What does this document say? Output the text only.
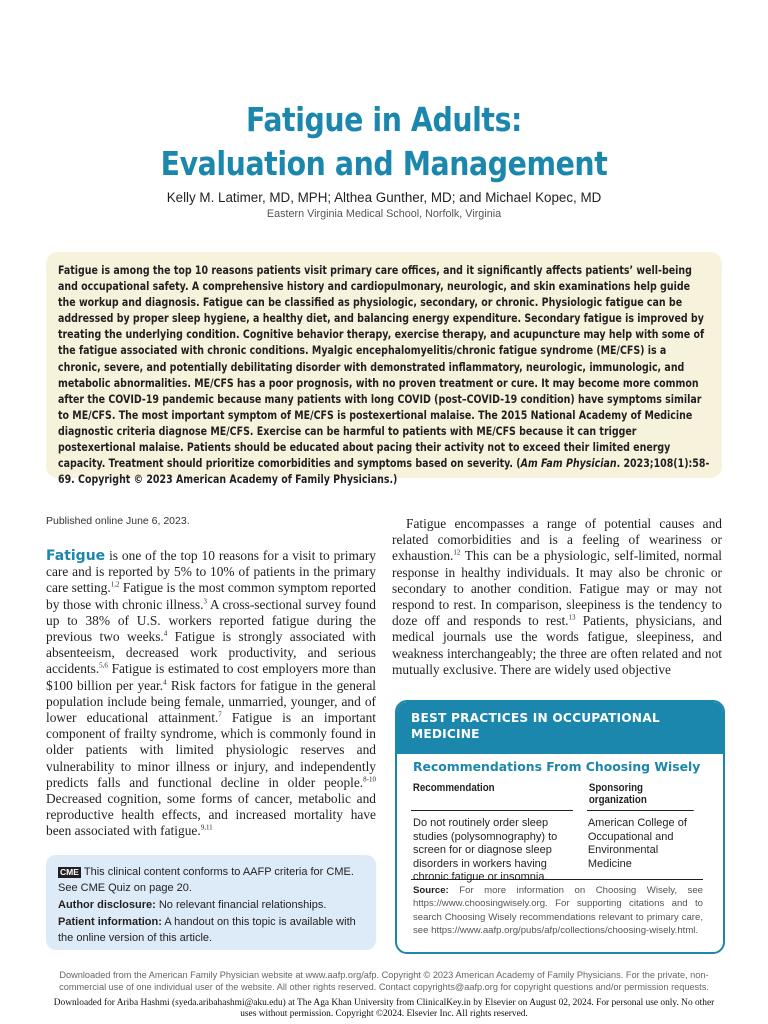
Fatigue in Adults:
Evaluation and Management
Kelly M. Latimer, MD, MPH; Althea Gunther, MD; and Michael Kopec, MD
Eastern Virginia Medical School, Norfolk, Virginia
Fatigue is among the top 10 reasons patients visit primary care offices, and it significantly affects patients’ well-being and occupational safety. A comprehensive history and cardiopulmonary, neurologic, and skin examinations help guide the workup and diagnosis. Fatigue can be classified as physiologic, secondary, or chronic. Physiologic fatigue can be addressed by proper sleep hygiene, a healthy diet, and balancing energy expenditure. Secondary fatigue is improved by treating the underlying condition. Cognitive behavior therapy, exercise therapy, and acupuncture may help with some of the fatigue associated with chronic conditions. Myalgic encephalomyelitis/chronic fatigue syndrome (ME/CFS) is a chronic, severe, and potentially debilitating disorder with demonstrated inflammatory, neurologic, immunologic, and metabolic abnormalities. ME/CFS has a poor prognosis, with no proven treatment or cure. It may become more common after the COVID-19 pandemic because many patients with long COVID (post–COVID-19 condition) have symptoms similar to ME/CFS. The most important symptom of ME/CFS is postexertional malaise. The 2015 National Academy of Medicine diagnostic criteria diagnose ME/CFS. Exercise can be harmful to patients with ME/CFS because it can trigger postexertional malaise. Patients should be educated about pacing their activity not to exceed their limited energy capacity. Treatment should prioritize comorbidities and symptoms based on severity. (Am Fam Physician. 2023;108(1):58-69. Copyright © 2023 American Academy of Family Physicians.)
Published online June 6, 2023.
Fatigue is one of the top 10 reasons for a visit to primary care and is reported by 5% to 10% of patients in the primary care setting.$^{1,2}$ Fatigue is the most common symptom reported by those with chronic illness.$^3$ A cross-sectional survey found up to 38% of U.S. workers reported fatigue during the previous two weeks.$^4$ Fatigue is strongly associated with absenteeism, decreased work productivity, and serious accidents.$^{5,6}$ Fatigue is estimated to cost employers more than $100 billion per year.$^4$ Risk factors for fatigue in the general population include being female, unmarried, younger, and of lower educational attainment.$^7$ Fatigue is an important component of frailty syndrome, which is commonly found in older patients with limited physiologic reserves and vulnerability to minor illness or injury, and independently predicts falls and functional decline in older people.$^{8-10}$ Decreased cognition, some forms of cancer, metabolic and reproductive health effects, and increased mortality have been associated with fatigue.$^{9,11}$
Fatigue encompasses a range of potential causes and related comorbidities and is a feeling of weariness or exhaustion.$^{12}$ This can be a physiologic, self-limited, normal response in healthy individuals. It may also be chronic or secondary to another condition. Fatigue may or may not respond to rest. In comparison, sleepiness is the tendency to doze off and responds to rest.$^{13}$ Patients, physicians, and medical journals use the words fatigue, sleepiness, and weakness interchangeably; the three are often related and not mutually exclusive. There are widely used objective

CME This clinical content conforms to AAFP criteria for CME. See CME Quiz on page 20.

Author disclosure: No relevant financial relationships.

Patient information: A handout on this topic is available with the online version of this article.

BEST PRACTICES IN OCCUPATIONAL
MEDICINE
Recommendations From Choosing Wisely
Recommendation	Sponsoring organization
Do not routinely order sleep studies (polysomnography) to screen for or diagnose sleep disorders in workers having chronic fatigue or insomnia.
American College of Occupational and Environmental Medicine
Source: For more information on Choosing Wisely, see https://www.choosingwisely.org. For supporting citations and to search Choosing Wisely recommendations relevant to primary care, see https://www.aafp.org/pubs/afp/collections/choosing-wisely.html.
Downloaded from the American Family Physician website at www.aafp.org/afp. Copyright © 2023 American Academy of Family Physicians. For the private, non-commercial use of one individual user of the website. All other rights reserved. Contact copyrights@aafp.org for copyright questions and/or permission requests.
Downloaded for Ariba Hashmi (syeda.aribahashmi@aku.edu) at The Aga Khan University from ClinicalKey.in by Elsevier on August 02, 2024. For personal use only. No other uses without permission. Copyright ©2024. Elsevier Inc. All rights reserved.
